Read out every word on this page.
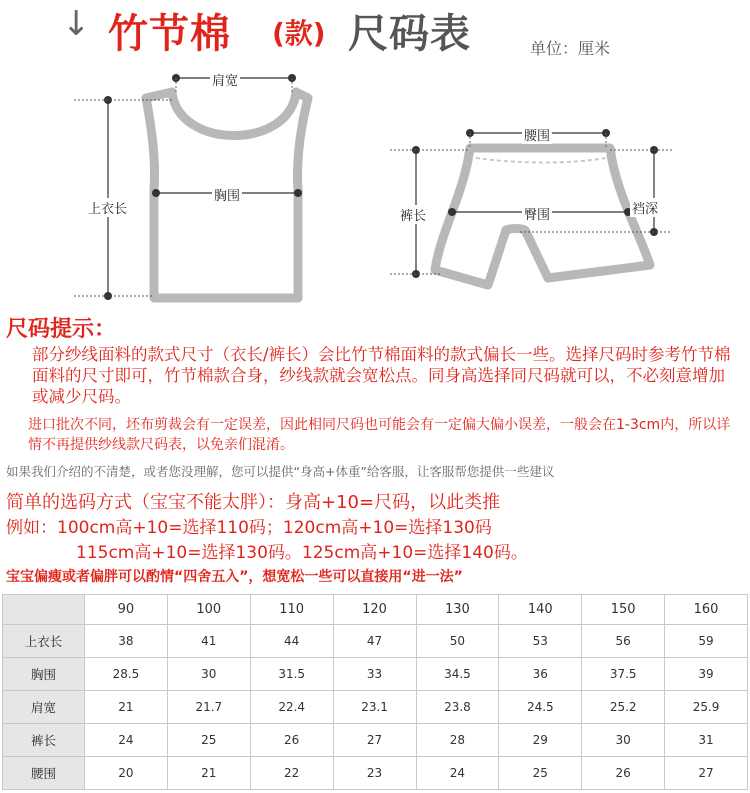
↓ 竹节棉 (款) 尺码表	单位：厘米
肩宽
胸围
上衣长
腰围
裤长	臀围	裆深
尺码提示：
部分纱线面料的款式尺寸（衣长/裤长）会比竹节棉面料的款式偏长一些。选择尺码时参考竹节棉面料的尺寸即可，竹节棉款合身，纱线款就会宽松点。同身高选择同尺码就可以，不必刻意增加或减少尺码。
进口批次不同，坯布剪裁会有一定误差，因此相同尺码也可能会有一定偏大偏小误差，一般会在1-3cm内，所以详情不再提供纱线款尺码表，以免亲们混淆。
如果我们介绍的不清楚，或者您没理解，您可以提供“身高+体重”给客服，让客服帮您提供一些建议
简单的选码方式（宝宝不能太胖）：身高+10=尺码，以此类推
例如：100cm高+10=选择110码；120cm高+10=选择130码
115cm高+10=选择130码。125cm高+10=选择140码。
宝宝偏瘦或者偏胖可以酌情“四舍五入”，想宽松一些可以直接用“进一法”
	90	100	110	120	130	140	150	160
上衣长	38	41	44	47	50	53	56	59
胸围	28.5	30	31.5	33	34.5	36	37.5	39
肩宽	21	21.7	22.4	23.1	23.8	24.5	25.2	25.9
裤长	24	25	26	27	28	29	30	31
腰围	20	21	22	23	24	25	26	27
